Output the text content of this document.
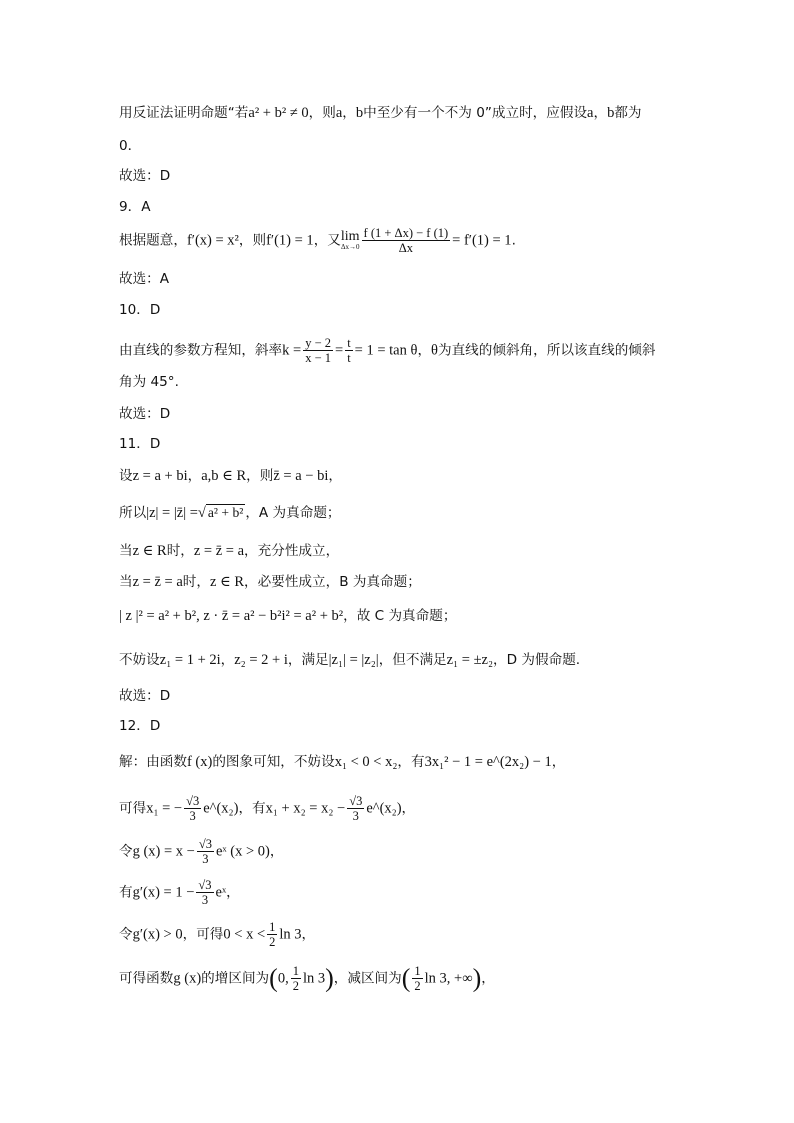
用反证法证明命题“若a² + b² ≠ 0，则a，b中至少有一个不为 0”成立时，应假设a，b都为
0．
故选：D
9．A
根据题意，f′(x) = x²，则f′(1) = 1，又lim
$\Delta x\to 0 \frac{f (1 + \Delta x) - f (1)}{\Delta x} = f'(1) = 1$.
故选：A
10．D
由直线的参数方程知，斜率$k = \frac{y - 2}{x - 1} = \frac{t}{t} = 1 = \tan \theta$，θ为直线的倾斜角，所以该直线的倾斜
角为 45°.
故选：D
11．D
设z = a + bi，a,b ∈ R，则z̄ = a − bi，
所以|z| = |z̄| =√ a² + b² ，A 为真命题；
当z ∈ R时，z = z̄ = a，充分性成立，
当z = z̄ = a时，z ∈ R，必要性成立，B 为真命题；
| z |² = a² + b², z · z̄ = a² − b²i² = a² + b²，故 C 为真命题；
不妨设z₁ = 1 + 2i，z₂ = 2 + i，满足|z₁| = |z₂|，但不满足z₁ = ±z₂，D 为假命题.
故选：D
12．D
解：由函数f (x)的图象可知，不妨设x₁ < 0 < x₂，有3x₁² − 1 = e^(2x₂) − 1，
可得x₁ = − $\frac{√3}{3}$ e^(x₂)，有$x_1 + x_2 = x_2 - \frac{√3}{3}$ e^(x₂)，
令g $(x) = x - \frac{√3}{3}$ eˣ (x > 0)，
有$g'(x) = 1 - \frac{√3}{3}$ eˣ，
令g′(x) > 0，可得$0 < x < \frac{1}{2}$ ln 3，
可得函数g (x)的增区间为(0, $\frac{1}{2}$ ln 3)，减区间为( $\frac{1}{2}$ ln 3, +∞)，
